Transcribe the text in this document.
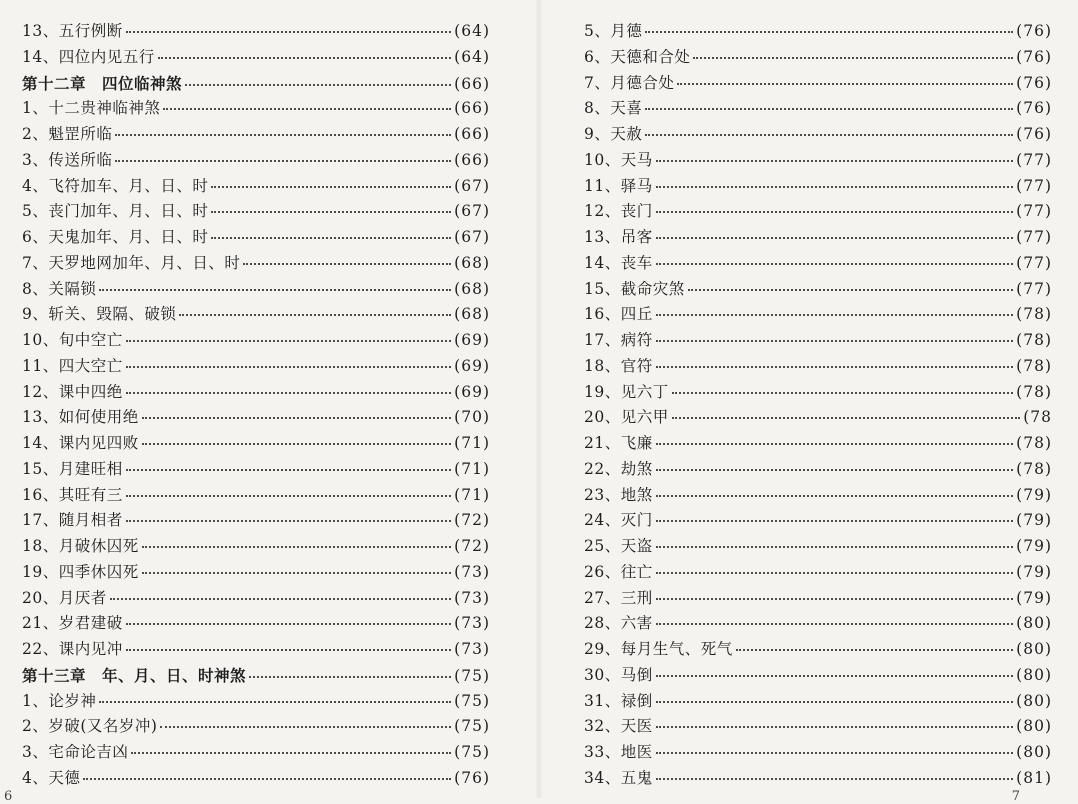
13、五行例断	(64)
14、四位内见五行	(64)
第十二章　四位临神煞	(66)
1、十二贵神临神煞	(66)
2、魁罡所临	(66)
3、传送所临	(66)
4、飞符加车、月、日、时	(67)
5、丧门加年、月、日、时	(67)
6、天鬼加年、月、日、时	(67)
7、天罗地网加年、月、日、时	(68)
8、关隔锁	(68)
9、斩关、毁隔、破锁	(68)
10、旬中空亡	(69)
11、四大空亡	(69)
12、课中四绝	(69)
13、如何使用绝	(70)
14、课内见四败	(71)
15、月建旺相	(71)
16、其旺有三	(71)
17、随月相者	(72)
18、月破休囚死	(72)
19、四季休囚死	(73)
20、月厌者	(73)
21、岁君建破	(73)
22、课内见冲	(73)
第十三章　年、月、日、时神煞	(75)
1、论岁神	(75)
2、岁破(又名岁冲)	(75)
3、宅命论吉凶	(75)
4、天德	(76)
6
5、月德	(76)
6、天德和合处	(76)
7、月德合处	(76)
8、天喜	(76)
9、天赦	(76)
10、天马	(77)
11、驿马	(77)
12、丧门	(77)
13、吊客	(77)
14、丧车	(77)
15、截命灾煞	(77)
16、四丘	(78)
17、病符	(78)
18、官符	(78)
19、见六丁	(78)
20、见六甲	(78
21、飞廉	(78)
22、劫煞	(78)
23、地煞	(79)
24、灭门	(79)
25、天盗	(79)
26、往亡	(79)
27、三刑	(79)
28、六害	(80)
29、每月生气、死气	(80)
30、马倒	(80)
31、禄倒	(80)
32、天医	(80)
33、地医	(80)
34、五鬼	(81)
7
